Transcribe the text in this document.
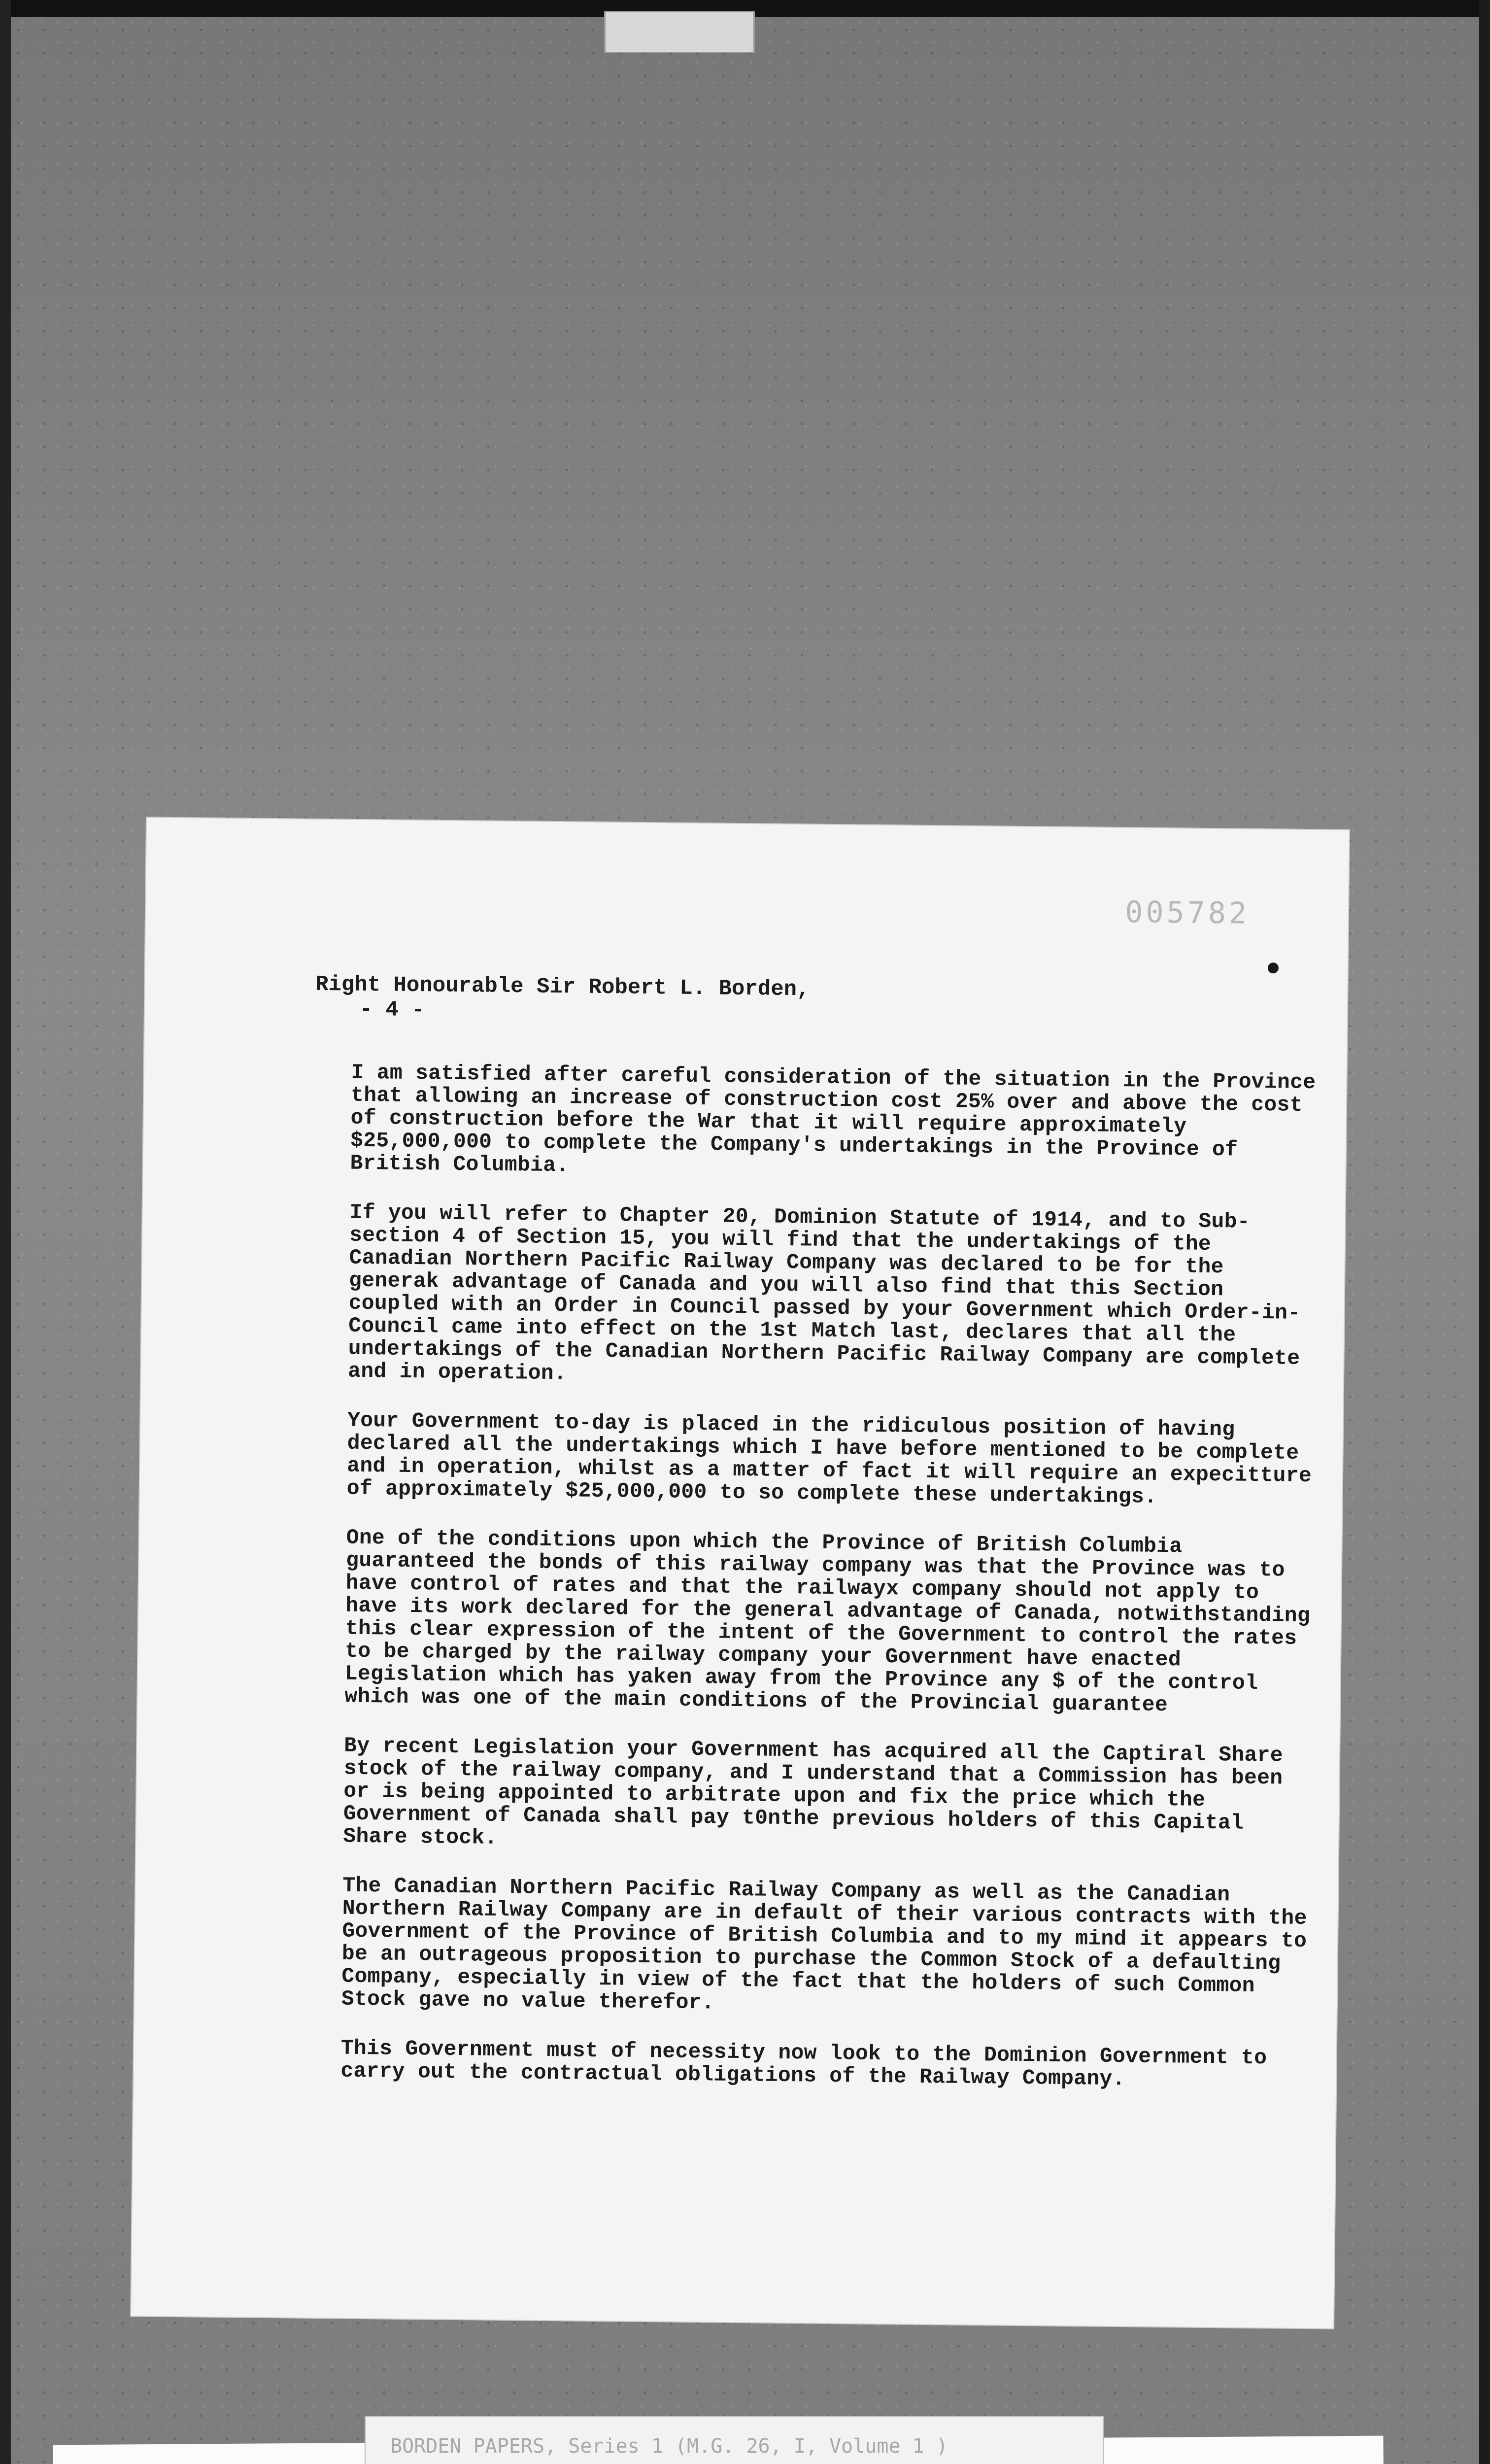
005782

Right Honourable Sir Robert L. Borden,
- 4 -

I am satisfied after careful consideration of the situation in the Province that allowing an increase of construction cost 25% over and above the cost of construction before the War that it will require approximately $25,000,000 to complete the Company's undertakings in the Province of British Columbia.

If you will refer to Chapter 20, Dominion Statute of 1914, and to Sub-section 4 of Section 15, you will find that the undertakings of the Canadian Northern Pacific Railway Company was declared to be for the generak advantage of Canada and you will also find that this Section coupled with an Order in Council passed by your Government which Order-in-Council came into effect on the 1st Match last, declares that all the undertakings of the Canadian Northern Pacific Railway Company are complete and in operation.

Your Government to-day is placed in the ridiculous position of having declared all the undertakings which I have before mentioned to be complete and in operation, whilst as a matter of fact it will require an expecitture of approximately $25,000,000 to so complete these undertakings.

One of the conditions upon which the Province of British Columbia guaranteed the bonds of this railway company was that the Province was to have control of rates and that the railwayx company should not apply to have its work declared for the general advantage of Canada, notwithstanding this clear expression of the intent of the Government to control the rates to be charged by the railway company your Government have enacted Legislation which has yaken away from the Province any $ of the control which was one of the main conditions of the Provincial guarantee

By recent Legislation your Government has acquired all the Captiral Share stock of the railway company, and I understand that a Commission has been or is being appointed to arbitrate upon and fix the price which the Government of Canada shall pay t0nthe previous holders of this Capital Share stock.

The Canadian Northern Pacific Railway Company as well as the Canadian Northern Railway Company are in default of their various contracts with the Government of the Province of British Columbia and to my mind it appears to be an outrageous proposition to purchase the Common Stock of a defaulting Company, especially in view of the fact that the holders of such Common Stock gave no value therefor.

This Government must of necessity now look to the Dominion Government to carry out the contractual obligations of the Railway Company.

BORDEN PAPERS, Series 1 (M.G. 26, I, Volume 1 )
